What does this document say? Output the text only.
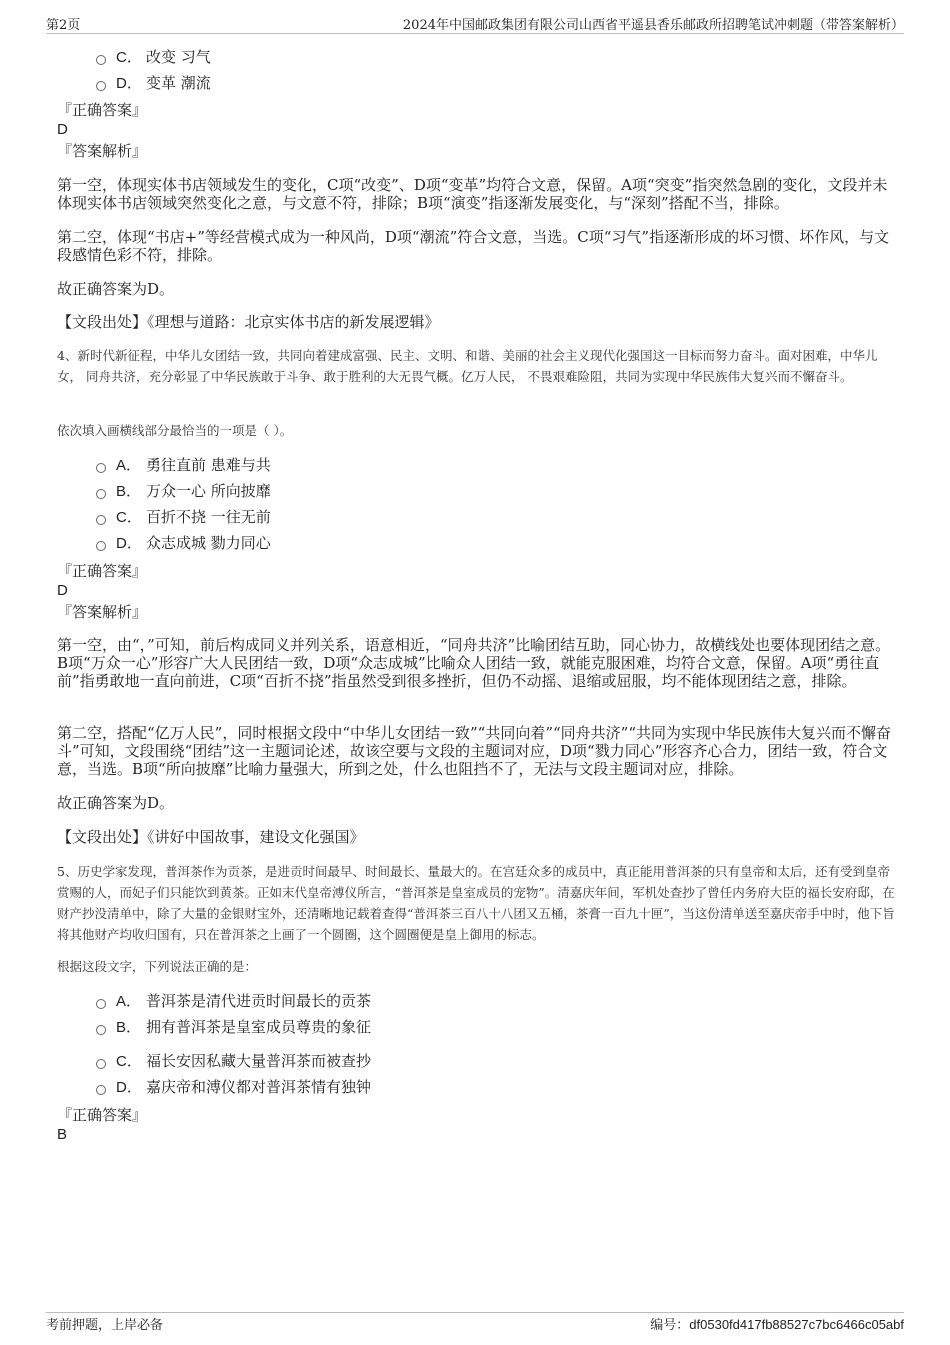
第2页	2024年中国邮政集团有限公司山西省平遥县香乐邮政所招聘笔试冲刺题（带答案解析）
C． 改变 习气
D． 变革 潮流
『正确答案』
D
『答案解析』
第一空，体现实体书店领域发生的变化，C项“改变”、D项“变革”均符合文意，保留。A项“突变”指突然急剧的变化，文段并未体现实体书店领域突然变化之意，与文意不符，排除；B项“演变”指逐渐发展变化，与“深刻”搭配不当，排除。
第二空，体现“书店+”等经营模式成为一种风尚，D项“潮流”符合文意，当选。C项“习气”指逐渐形成的坏习惯、坏作风，与文段感情色彩不符，排除。
故正确答案为D。
【文段出处】《理想与道路：北京实体书店的新发展逻辑》
4、新时代新征程，中华儿女团结一致，共同向着建成富强、民主、文明、和谐、美丽的社会主义现代化强国这一目标而努力奋斗。面对困难，中华儿女， 同舟共济，充分彰显了中华民族敢于斗争、敢于胜利的大无畏气概。亿万人民， 不畏艰难险阻，共同为实现中华民族伟大复兴而不懈奋斗。
依次填入画横线部分最恰当的一项是（ ）。
A． 勇往直前 患难与共
B． 万众一心 所向披靡
C． 百折不挠 一往无前
D． 众志成城 勠力同心
『正确答案』
D
『答案解析』
第一空，由“，”可知，前后构成同义并列关系，语意相近，“同舟共济”比喻团结互助，同心协力，故横线处也要体现团结之意。B项“万众一心”形容广大人民团结一致，D项“众志成城”比喻众人团结一致，就能克服困难，均符合文意，保留。A项“勇往直前”指勇敢地一直向前进，C项“百折不挠”指虽然受到很多挫折，但仍不动摇、退缩或屈服，均不能体现团结之意，排除。
第二空，搭配“亿万人民”，同时根据文段中“中华儿女团结一致”“共同向着”“同舟共济”“共同为实现中华民族伟大复兴而不懈奋斗”可知，文段围绕“团结”这一主题词论述，故该空要与文段的主题词对应，D项“戮力同心”形容齐心合力，团结一致，符合文意，当选。B项“所向披靡”比喻力量强大，所到之处，什么也阻挡不了，无法与文段主题词对应，排除。
故正确答案为D。
【文段出处】《讲好中国故事，建设文化强国》
5、历史学家发现，普洱茶作为贡茶，是进贡时间最早、时间最长、量最大的。在宫廷众多的成员中，真正能用普洱茶的只有皇帝和太后，还有受到皇帝赏赐的人，而妃子们只能饮到黄茶。正如末代皇帝溥仪所言，“普洱茶是皇室成员的宠物”。清嘉庆年间，军机处查抄了曾任内务府大臣的福长安府邸，在财产抄没清单中，除了大量的金银财宝外，还清晰地记载着查得“普洱茶三百八十八团又五桶，茶膏一百九十匣”，当这份清单送至嘉庆帝手中时，他下旨将其他财产均收归国有，只在普洱茶之上画了一个圆圈，这个圆圈便是皇上御用的标志。
根据这段文字，下列说法正确的是：
A． 普洱茶是清代进贡时间最长的贡茶
B． 拥有普洱茶是皇室成员尊贵的象征
C． 福长安因私藏大量普洱茶而被查抄
D． 嘉庆帝和溥仪都对普洱茶情有独钟
『正确答案』
B
考前押题，上岸必备	编号：df0530fd417fb88527c7bc6466c05abf
